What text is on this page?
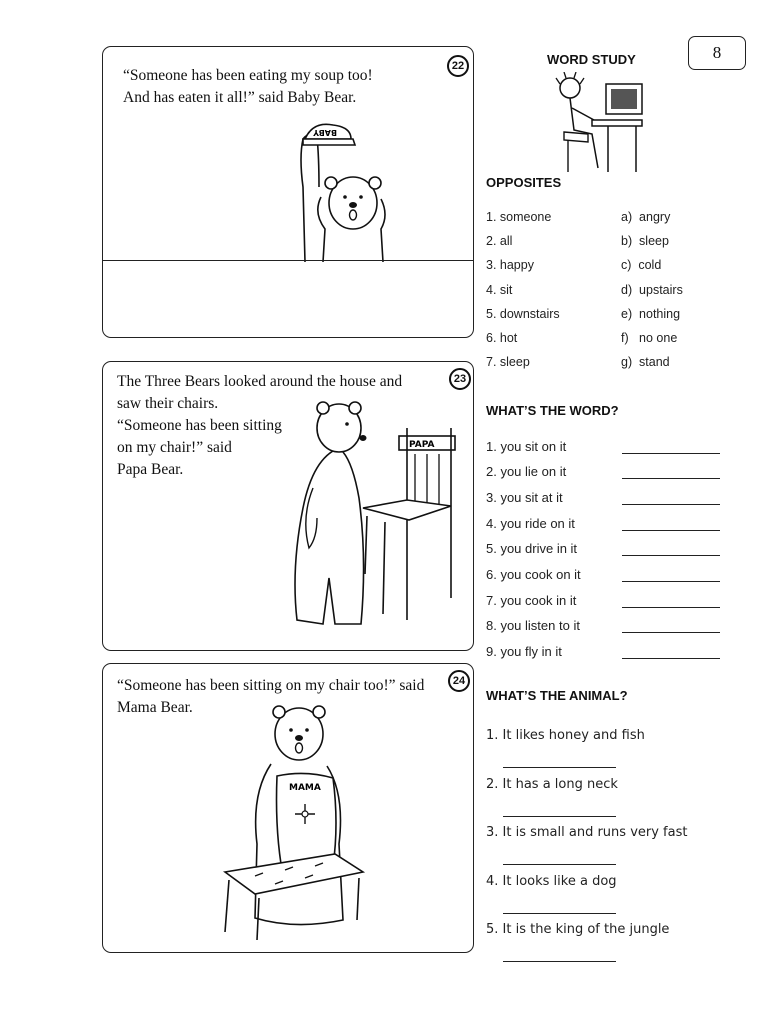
8
22
“Someone has been eating my soup too!
And has eaten it all!” said Baby Bear.
BABY
23
The Three Bears looked around the house and
saw their chairs.
“Someone has been sitting
on my chair!” said
Papa Bear.
PAPA
24
“Someone has been sitting on my chair too!” said
Mama Bear.
MAMA
WORD STUDY
OPPOSITES
1. someone
2. all
3. happy
4. sit
5. downstairs
6. hot
7. sleep
a)  angry
b)  sleep
c)  cold
d)  upstairs
e)  nothing
f)   no one
g)  stand
WHAT’S THE WORD?
1. you sit on it
2. you lie on it
3. you sit at it
4. you ride on it
5. you drive in it
6. you cook on it
7. you cook in it
8. you listen to it
9. you fly in it
WHAT’S THE ANIMAL?
1. It likes honey and fish
2. It has a long neck
3. It is small and runs very fast
4. It looks like a dog
5. It is the king of the jungle
